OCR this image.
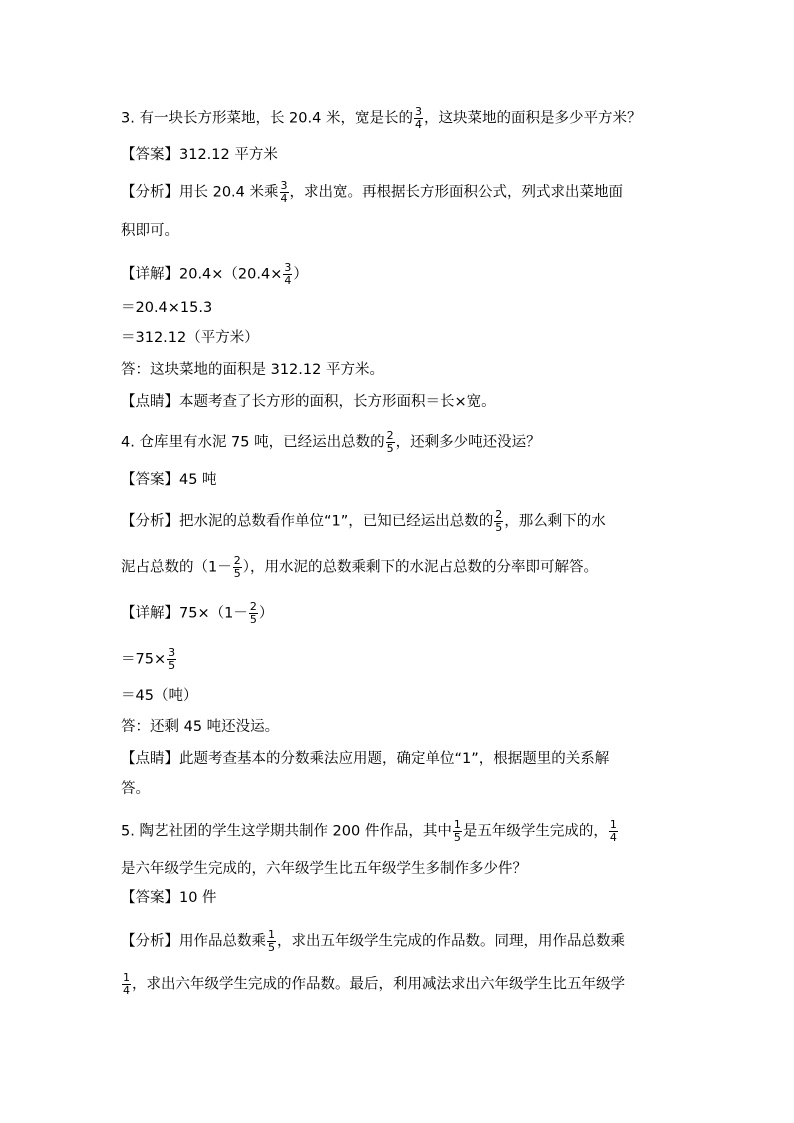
3. 有一块长方形菜地，长 20.4 米，宽是长的 $\frac{3}{4}$ ，这块菜地的面积是多少平方米？
【答案】312.12 平方米
【分析】用长 20.4 米乘 $\frac{3}{4}$ ，求出宽。再根据长方形面积公式，列式求出菜地面
积即可。
【详解】$20.4\times(20.4\times \frac{3}{4}$ ）
＝20.4×15.3
＝312.12（平方米）
答：这块菜地的面积是 312.12 平方米。
【点睛】本题考查了长方形的面积，长方形面积＝长×宽。
4. 仓库里有水泥 75 吨，已经运出总数的 $\frac{2}{5}$ ，还剩多少吨还没运？
【答案】45 吨
【分析】把水泥的总数看作单位“1”，已知已经运出总数的 $\frac{2}{5}$ ，那么剩下的水
泥占总数的（$1- \frac{2}{5}$ ），用水泥的总数乘剩下的水泥占总数的分率即可解答。
【详解】$75\times(1- \frac{2}{5}$ ）
$=75\times \frac{3}{5}$
＝45（吨）
答：还剩 45 吨还没运。
【点睛】此题考查基本的分数乘法应用题，确定单位“1”，根据题里的关系解
答。
5. 陶艺社团的学生这学期共制作 200 件作品，其中 $\frac{1}{5}$ 是五年级学生完成的， $\frac{1}{4}$
是六年级学生完成的，六年级学生比五年级学生多制作多少件？
【答案】10 件
【分析】用作品总数乘 $\frac{1}{5}$ ，求出五年级学生完成的作品数。同理，用作品总数乘
$\frac{1}{4}$ ，求出六年级学生完成的作品数。最后，利用减法求出六年级学生比五年级学
